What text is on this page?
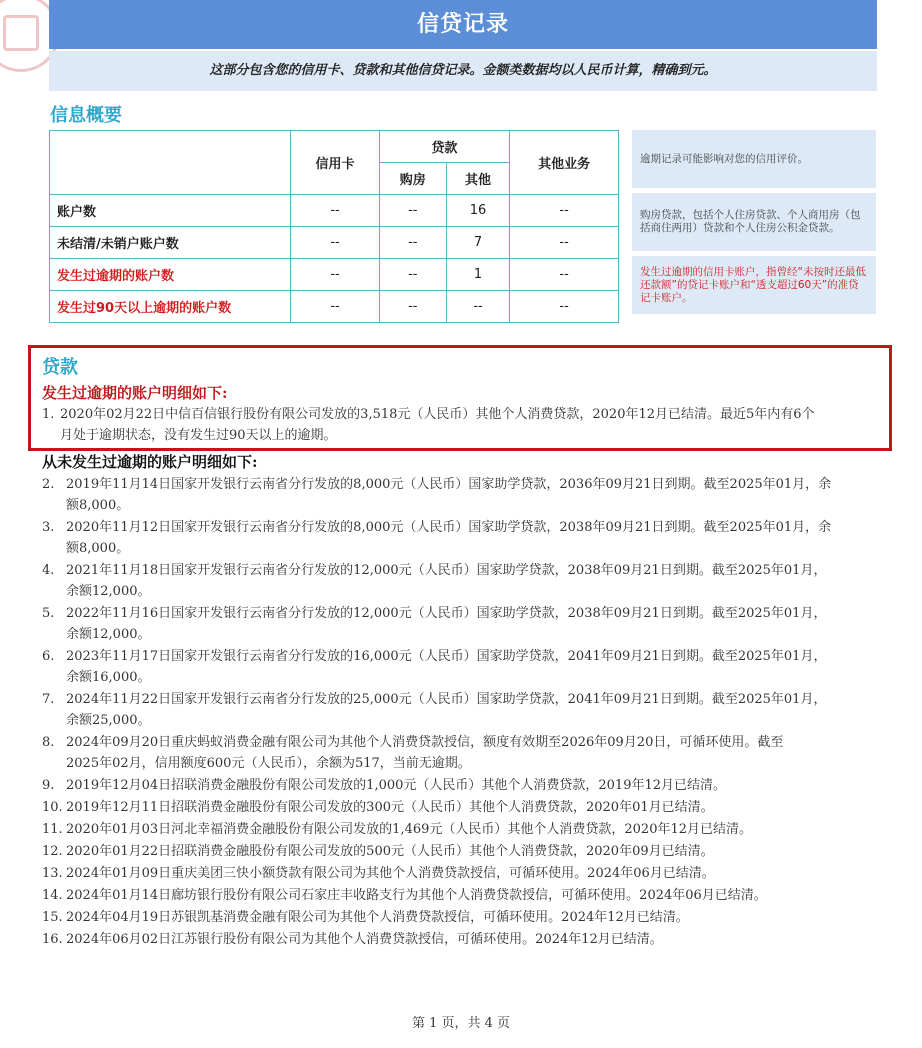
信贷记录
这部分包含您的信用卡、贷款和其他信贷记录。金额类数据均以人民币计算，精确到元。
信息概要
	信用卡	贷款		其他业务
		购房	其他	
账户数	--	--	16	--
未结清/未销户账户数	--	--	7	--
发生过逾期的账户数	--	--	1	--
发生过90天以上逾期的账户数	--	--	--	--
逾期记录可能影响对您的信用评价。
购房贷款，包括个人住房贷款、个人商用房（包括商住两用）贷款和个人住房公积金贷款。
发生过逾期的信用卡账户，指曾经“未按时还最低还款额”的贷记卡账户和“透支超过60天”的准贷记卡账户。
贷款
发生过逾期的账户明细如下:
1. 2020年02月22日中信百信银行股份有限公司发放的3,518元（人民币）其他个人消费贷款，2020年12月已结清。最近5年内有6个
月处于逾期状态，没有发生过90天以上的逾期。
从未发生过逾期的账户明细如下:
2. 2019年11月14日国家开发银行云南省分行发放的8,000元（人民币）国家助学贷款，2036年09月21日到期。截至2025年01月，余
额8,000。
3. 2020年11月12日国家开发银行云南省分行发放的8,000元（人民币）国家助学贷款，2038年09月21日到期。截至2025年01月，余
额8,000。
4. 2021年11月18日国家开发银行云南省分行发放的12,000元（人民币）国家助学贷款，2038年09月21日到期。截至2025年01月，
余额12,000。
5. 2022年11月16日国家开发银行云南省分行发放的12,000元（人民币）国家助学贷款，2038年09月21日到期。截至2025年01月，
余额12,000。
6. 2023年11月17日国家开发银行云南省分行发放的16,000元（人民币）国家助学贷款，2041年09月21日到期。截至2025年01月，
余额16,000。
7. 2024年11月22日国家开发银行云南省分行发放的25,000元（人民币）国家助学贷款，2041年09月21日到期。截至2025年01月，
余额25,000。
8. 2024年09月20日重庆蚂蚁消费金融有限公司为其他个人消费贷款授信，额度有效期至2026年09月20日，可循环使用。截至
2025年02月，信用额度600元（人民币），余额为517，当前无逾期。
9. 2019年12月04日招联消费金融股份有限公司发放的1,000元（人民币）其他个人消费贷款，2019年12月已结清。
10. 2019年12月11日招联消费金融股份有限公司发放的300元（人民币）其他个人消费贷款，2020年01月已结清。
11. 2020年01月03日河北幸福消费金融股份有限公司发放的1,469元（人民币）其他个人消费贷款，2020年12月已结清。
12. 2020年01月22日招联消费金融股份有限公司发放的500元（人民币）其他个人消费贷款，2020年09月已结清。
13. 2024年01月09日重庆美团三快小额贷款有限公司为其他个人消费贷款授信，可循环使用。2024年06月已结清。
14. 2024年01月14日廊坊银行股份有限公司石家庄丰收路支行为其他个人消费贷款授信，可循环使用。2024年06月已结清。
15. 2024年04月19日苏银凯基消费金融有限公司为其他个人消费贷款授信，可循环使用。2024年12月已结清。
16. 2024年06月02日江苏银行股份有限公司为其他个人消费贷款授信，可循环使用。2024年12月已结清。
第 1 页，共 4 页
